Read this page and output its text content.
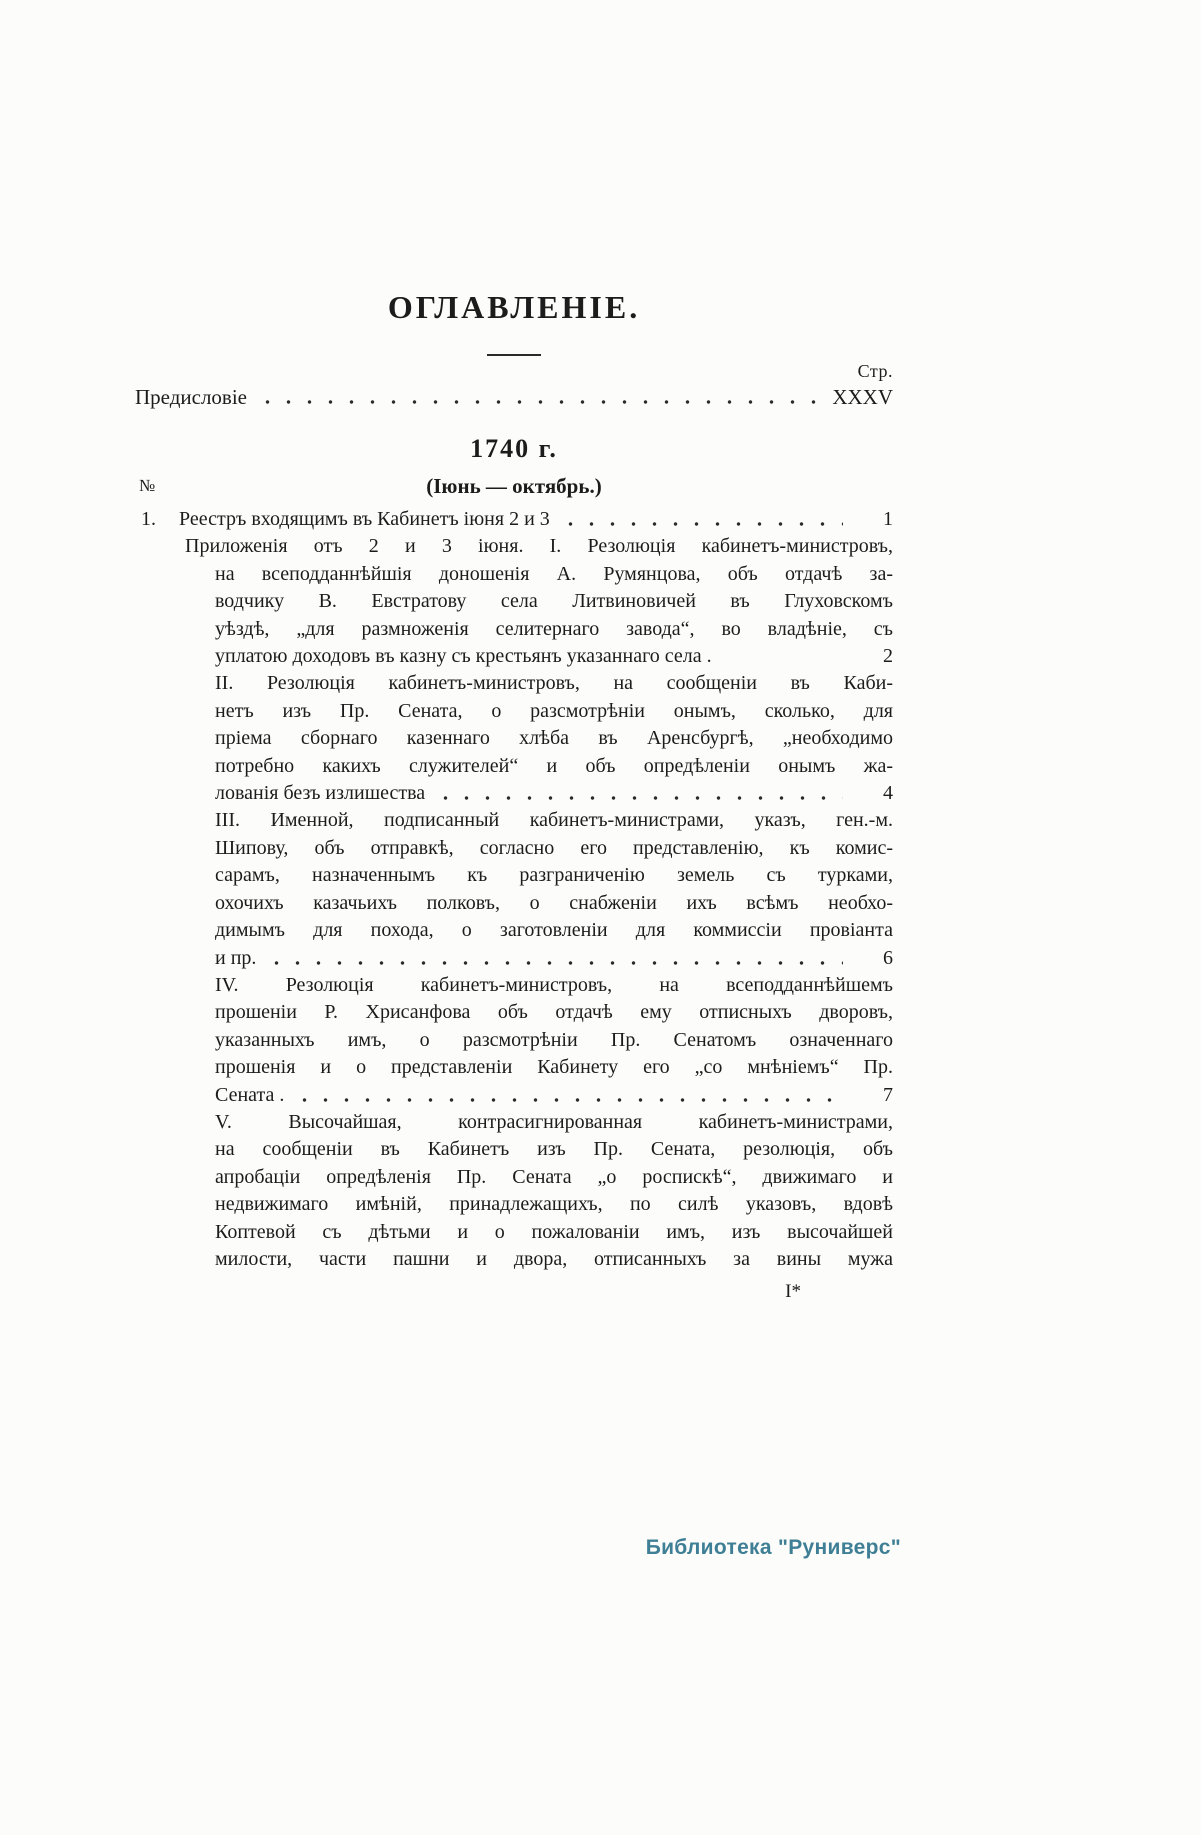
ОГЛАВЛЕНІЕ.
Стр.
Предисловіе	XXXV
1740 г.
№	(Іюнь — октябрь.)
1.	Реестръ входящимъ въ Кабинетъ іюня 2 и 3	1
Приложенія отъ 2 и 3 іюня. I. Резолюція кабинетъ-министровъ,
на всеподданнѣйшія доношенія А. Румянцова, объ отдачѣ за-
водчику В. Евстратову села Литвиновичей въ Глуховскомъ
уѣздѣ, „для размноженія селитернаго завода“, во владѣніе, съ
уплатою доходовъ въ казну съ крестьянъ указаннаго села .	2
II. Резолюція кабинетъ-министровъ, на сообщеніи въ Каби-
нетъ изъ Пр. Сената, о разсмотрѣніи онымъ, сколько, для
пріема сборнаго казеннаго хлѣба въ Аренсбургѣ, „необходимо
потребно какихъ служителей“ и объ опредѣленіи онымъ жа-
лованія безъ излишества	4
III. Именной, подписанный кабинетъ-министрами, указъ, ген.-м.
Шипову, объ отправкѣ, согласно его представленію, къ комис-
сарамъ, назначеннымъ къ разграниченію земель съ турками,
охочихъ казачьихъ полковъ, о снабженіи ихъ всѣмъ необхо-
димымъ для похода, о заготовленіи для коммиссіи провіанта
и пр.	6
IV. Резолюція кабинетъ-министровъ, на всеподданнѣйшемъ
прошеніи Р. Хрисанфова объ отдачѣ ему отписныхъ дворовъ,
указанныхъ имъ, о разсмотрѣніи Пр. Сенатомъ означеннаго
прошенія и о представленіи Кабинету его „со мнѣніемъ“ Пр.
Сената .	7
V. Высочайшая, контрасигнированная кабинетъ-министрами,
на сообщеніи въ Кабинетъ изъ Пр. Сената, резолюція, объ
апробаціи опредѣленія Пр. Сената „о роспискѣ“, движимаго и
недвижимаго имѣній, принадлежащихъ, по силѣ указовъ, вдовѣ
Коптевой съ дѣтьми и о пожалованіи имъ, изъ высочайшей
милости, части пашни и двора, отписанныхъ за вины мужа
І*
Библиотека "Руниверс"
